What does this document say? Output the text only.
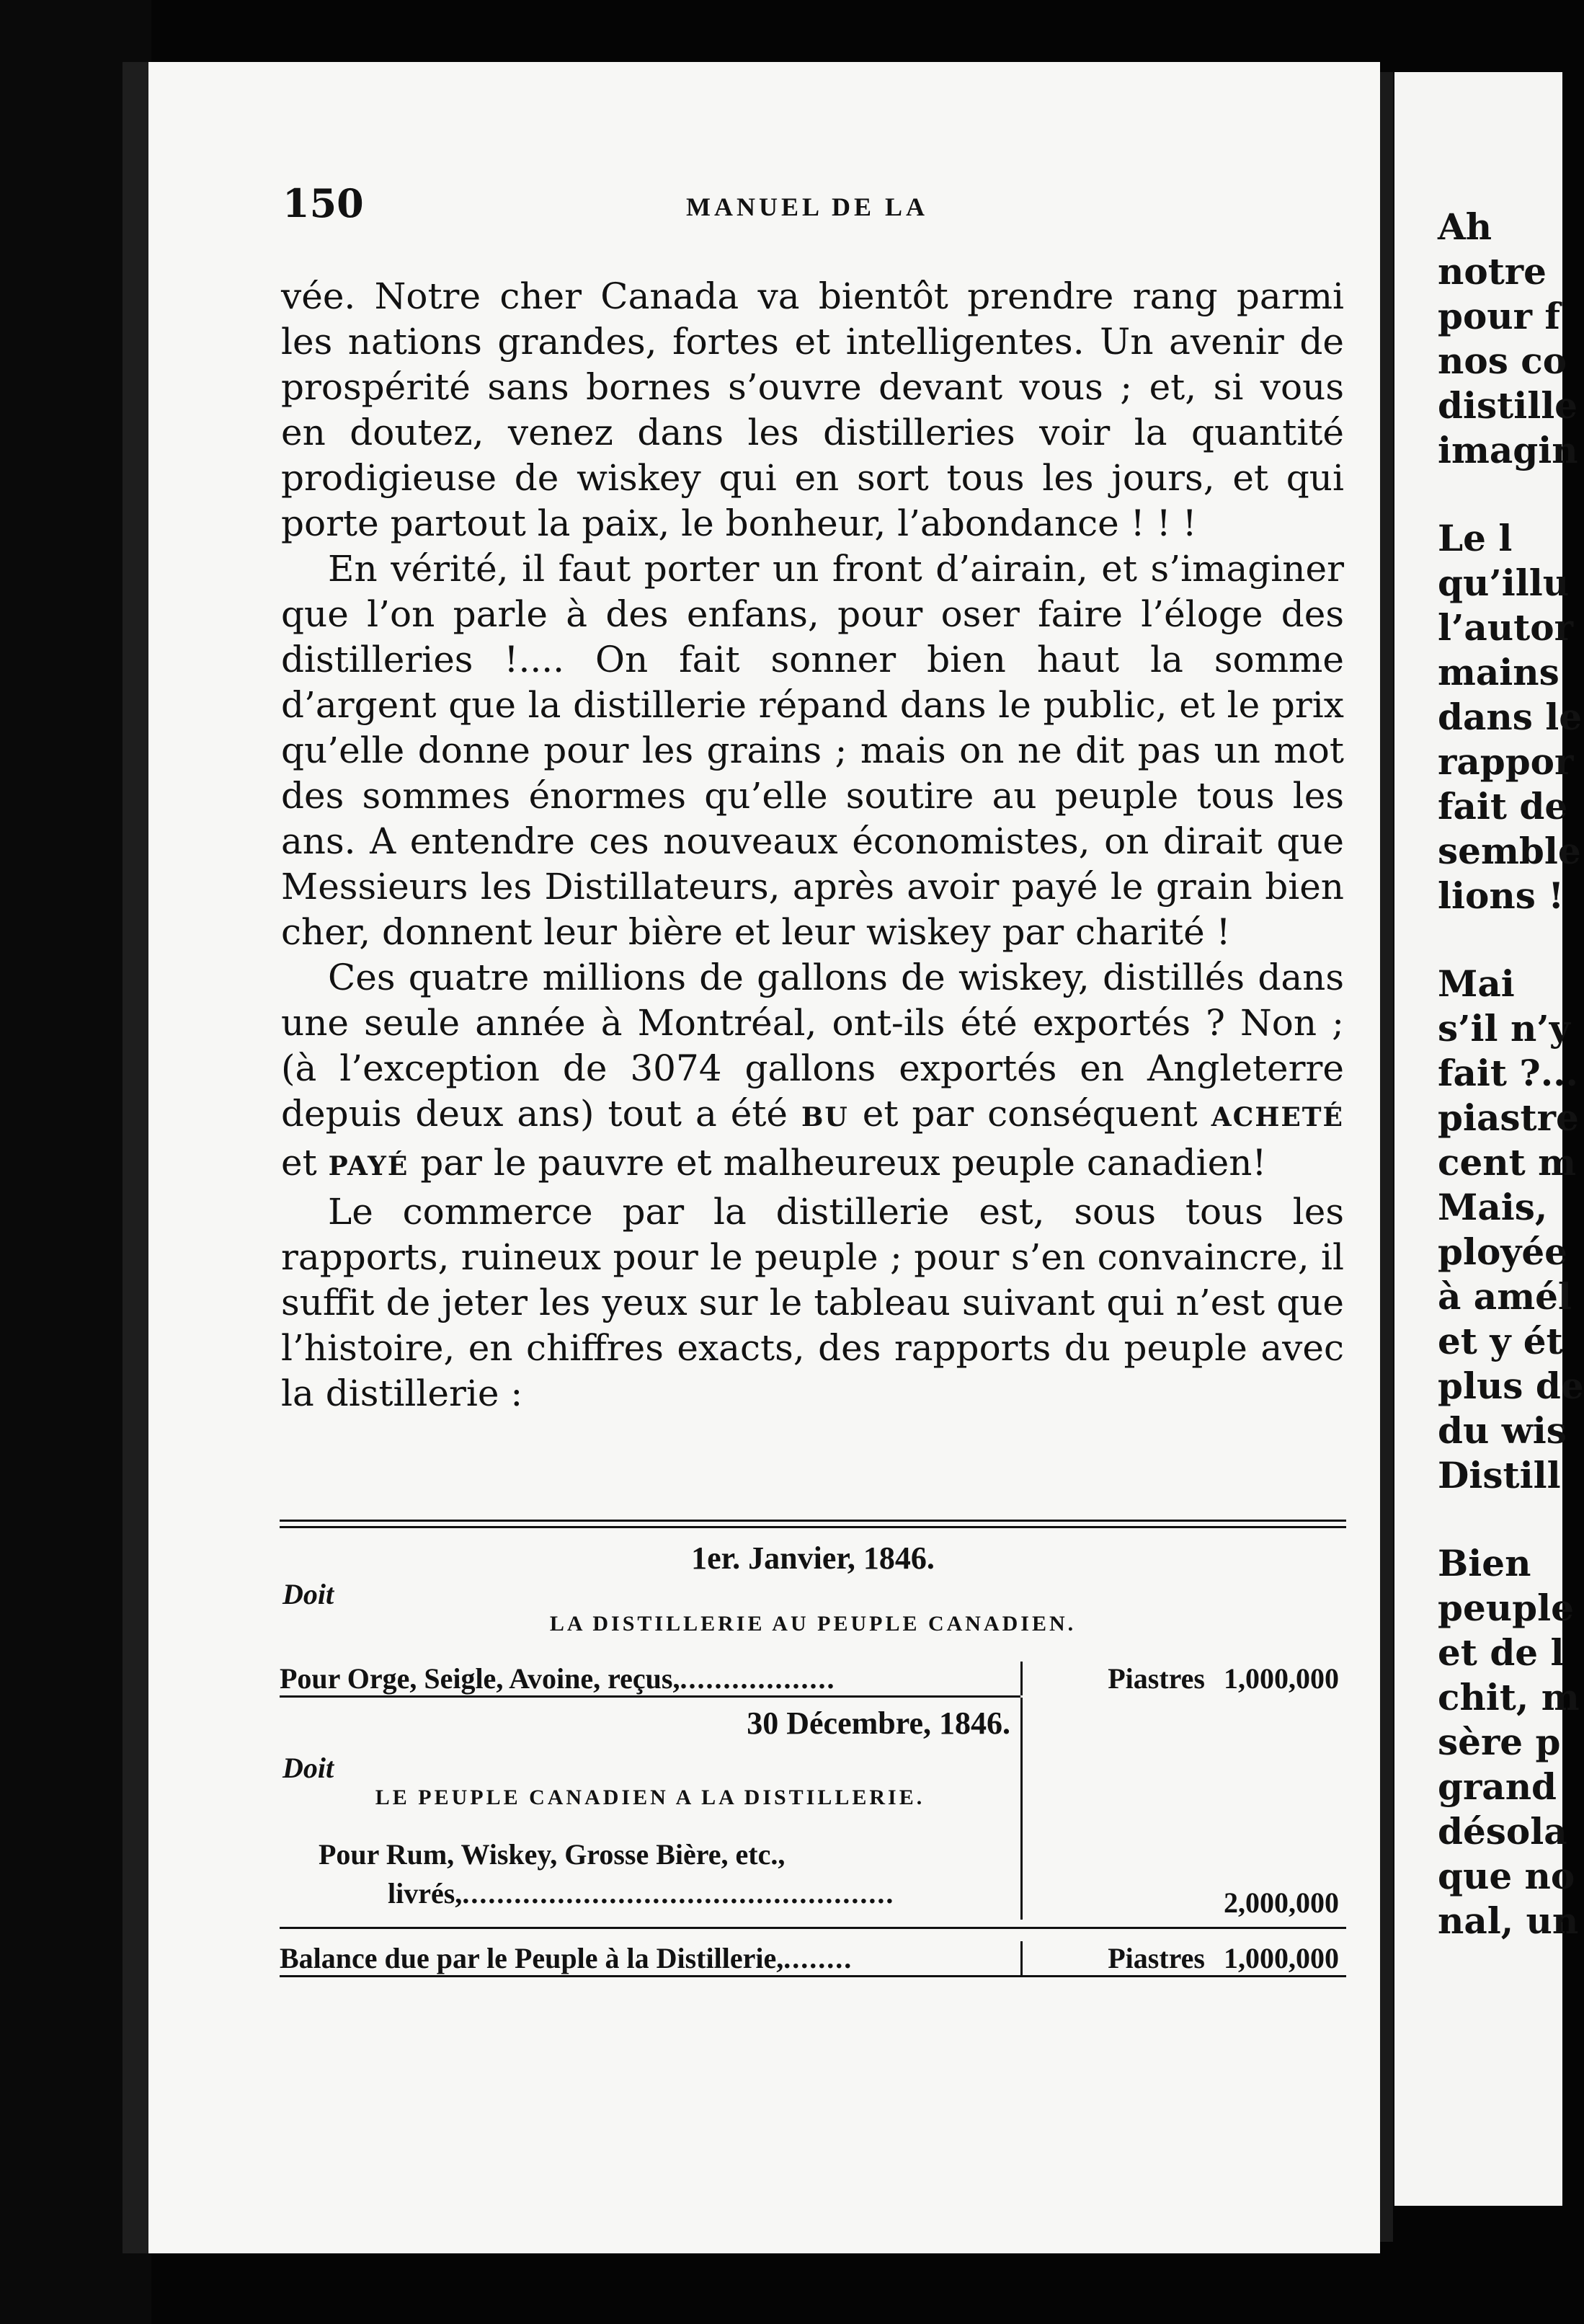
Ah
notre
pour f
nos co
distille
imagin
Le l
qu’illu
l’autor
mains
dans le
rappor
fait de
semble
lions !
Mai
s’il n’y
fait ?...
piastre
cent m
Mais,
ployée
à amél
et y ét
plus de
du wis
Distill
Bien
peuple
et de l
chit, m
sère p
grand
désola
que no
nal, un
150	MANUEL DE LA

vée. Notre cher Canada va bientôt prendre rang parmi les nations grandes, fortes et intelligentes. Un avenir de prospérité sans bornes s’ouvre devant vous ; et, si vous en doutez, venez dans les distilleries voir la quantité prodigieuse de wiskey qui en sort tous les jours, et qui porte partout la paix, le bonheur, l’abondance ! ! !

En vérité, il faut porter un front d’airain, et s’imaginer que l’on parle à des enfans, pour oser faire l’éloge des distilleries !.... On fait sonner bien haut la somme d’argent que la distillerie répand dans le public, et le prix qu’elle donne pour les grains ; mais on ne dit pas un mot des sommes énormes qu’elle soutire au peuple tous les ans. A entendre ces nouveaux économistes, on dirait que Messieurs les Distillateurs, après avoir payé le grain bien cher, donnent leur bière et leur wiskey par charité !

Ces quatre millions de gallons de wiskey, distillés dans une seule année à Montréal, ont-ils été exportés ? Non ; (à l’exception de 3074 gallons exportés en Angleterre depuis deux ans) tout a été BU et par conséquent ACHETÉ et PAYÉ par le pauvre et malheureux peuple canadien!

Le commerce par la distillerie est, sous tous les rapports, ruineux pour le peuple ; pour s’en convaincre, il suffit de jeter les yeux sur le tableau suivant qui n’est que l’histoire, en chiffres exacts, des rapports du peuple avec la distillerie :

1er. Janvier, 1846.
Doit
LA DISTILLERIE AU PEUPLE CANADIEN.
Pour Orge, Seigle, Avoine, reçus,..................	Piastres 1,000,000
30 Décembre, 1846.
Doit
LE PEUPLE CANADIEN A LA DISTILLERIE.
Pour Rum, Wiskey, Grosse Bière, etc.,
livrés,..................................................	2,000,000
Balance due par le Peuple à la Distillerie,........	Piastres 1,000,000
